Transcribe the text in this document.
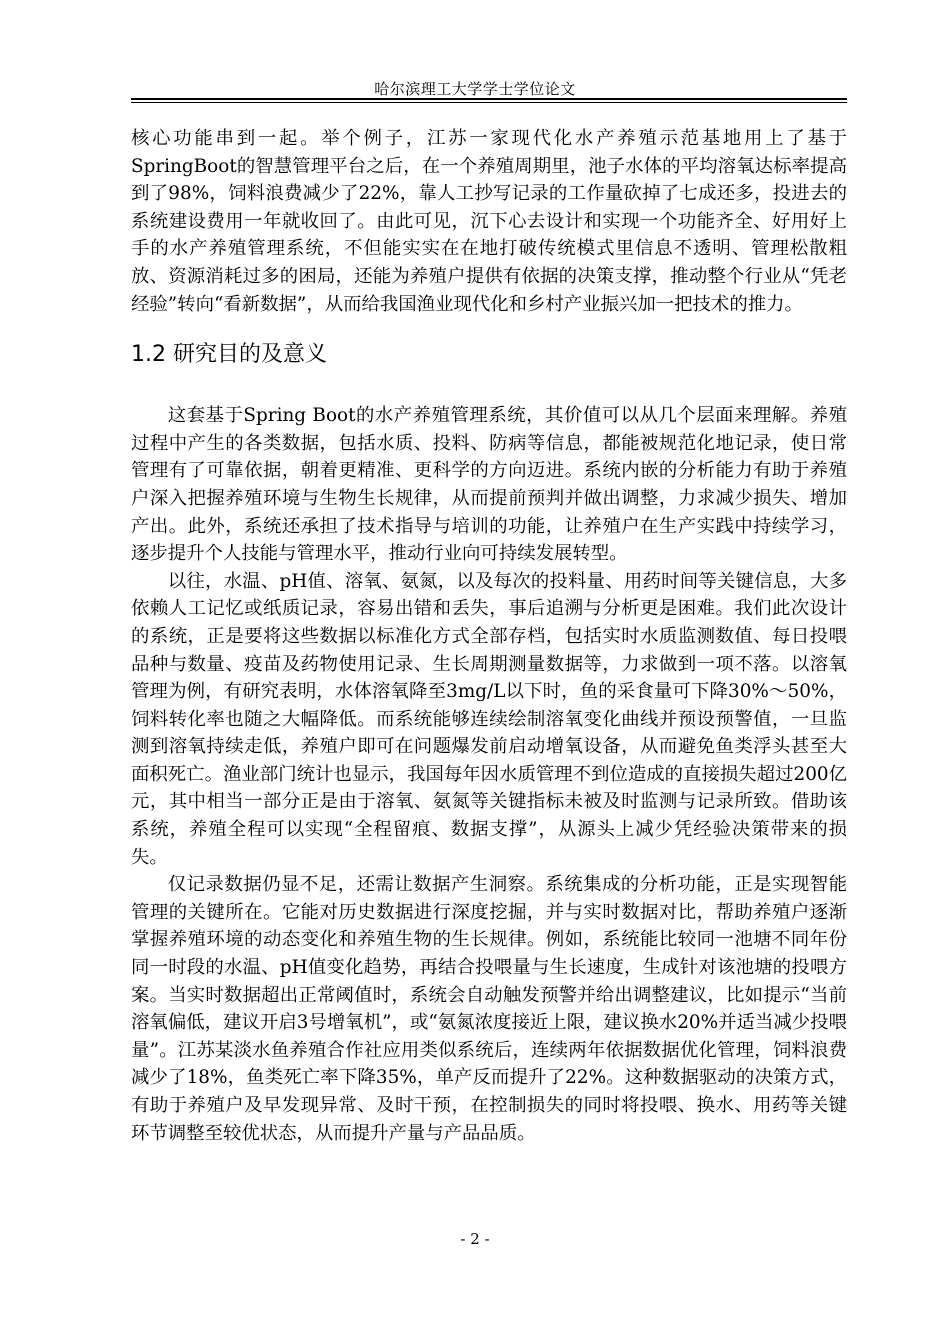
哈尔滨理工大学学士学位论文

核心功能串到一起。举个例子，江苏一家现代化水产养殖示范基地用上了基于SpringBoot的智慧管理平台之后，在一个养殖周期里，池子水体的平均溶氧达标率提高到了98%，饲料浪费减少了22%，靠人工抄写记录的工作量砍掉了七成还多，投进去的系统建设费用一年就收回了。由此可见，沉下心去设计和实现一个功能齐全、好用好上手的水产养殖管理系统，不但能实实在在地打破传统模式里信息不透明、管理松散粗放、资源消耗过多的困局，还能为养殖户提供有依据的决策支撑，推动整个行业从“凭老经验”转向“看新数据”，从而给我国渔业现代化和乡村产业振兴加一把技术的推力。

1.2 研究目的及意义

这套基于Spring Boot的水产养殖管理系统，其价值可以从几个层面来理解。养殖过程中产生的各类数据，包括水质、投料、防病等信息，都能被规范化地记录，使日常管理有了可靠依据，朝着更精准、更科学的方向迈进。系统内嵌的分析能力有助于养殖户深入把握养殖环境与生物生长规律，从而提前预判并做出调整，力求减少损失、增加产出。此外，系统还承担了技术指导与培训的功能，让养殖户在生产实践中持续学习，逐步提升个人技能与管理水平，推动行业向可持续发展转型。

以往，水温、pH值、溶氧、氨氮，以及每次的投料量、用药时间等关键信息，大多依赖人工记忆或纸质记录，容易出错和丢失，事后追溯与分析更是困难。我们此次设计的系统，正是要将这些数据以标准化方式全部存档，包括实时水质监测数值、每日投喂品种与数量、疫苗及药物使用记录、生长周期测量数据等，力求做到一项不落。以溶氧管理为例，有研究表明，水体溶氧降至3mg/L以下时，鱼的采食量可下降30%～50%，饲料转化率也随之大幅降低。而系统能够连续绘制溶氧变化曲线并预设预警值，一旦监测到溶氧持续走低，养殖户即可在问题爆发前启动增氧设备，从而避免鱼类浮头甚至大面积死亡。渔业部门统计也显示，我国每年因水质管理不到位造成的直接损失超过200亿元，其中相当一部分正是由于溶氧、氨氮等关键指标未被及时监测与记录所致。借助该系统，养殖全程可以实现“全程留痕、数据支撑”，从源头上减少凭经验决策带来的损失。

仅记录数据仍显不足，还需让数据产生洞察。系统集成的分析功能，正是实现智能管理的关键所在。它能对历史数据进行深度挖掘，并与实时数据对比，帮助养殖户逐渐掌握养殖环境的动态变化和养殖生物的生长规律。例如，系统能比较同一池塘不同年份同一时段的水温、pH值变化趋势，再结合投喂量与生长速度，生成针对该池塘的投喂方案。当实时数据超出正常阈值时，系统会自动触发预警并给出调整建议，比如提示“当前溶氧偏低，建议开启3号增氧机”，或“氨氮浓度接近上限，建议换水20%并适当减少投喂量”。江苏某淡水鱼养殖合作社应用类似系统后，连续两年依据数据优化管理，饲料浪费减少了18%，鱼类死亡率下降35%，单产反而提升了22%。这种数据驱动的决策方式，有助于养殖户及早发现异常、及时干预，在控制损失的同时将投喂、换水、用药等关键环节调整至较优状态，从而提升产量与产品品质。

- 2 -
